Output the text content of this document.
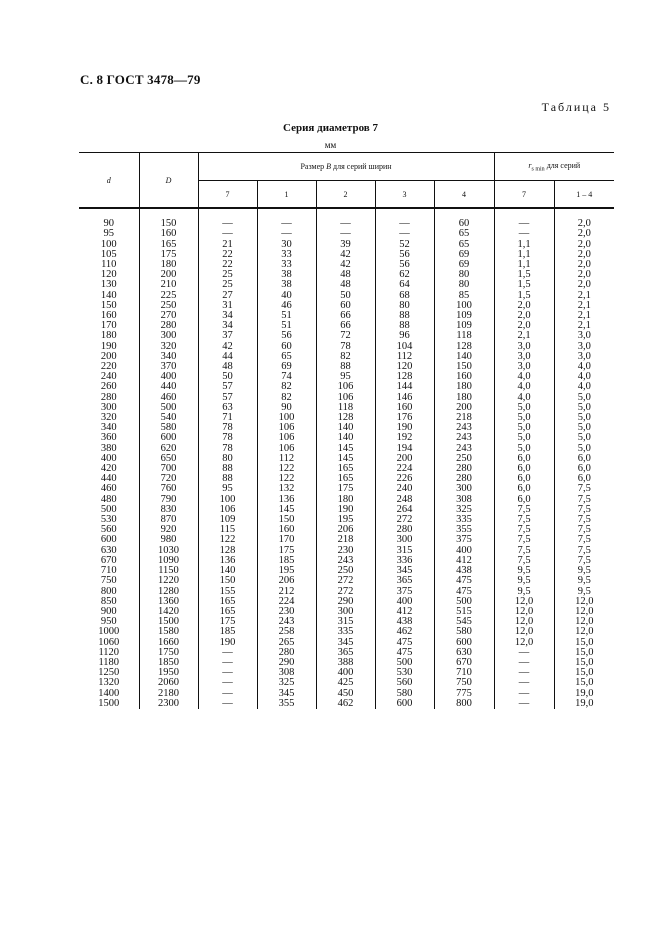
С. 8 ГОСТ 3478—79
Таблица 5
Серия диаметров 7
мм
d	D	Размер B для серий ширин					$r_{s min}$ для серий	
		7	1	2	3	4	7	1 – 4

90	150	—	—	—	—	60	—	2,0
95	160	—	—	—	—	65	—	2,0
100	165	21	30	39	52	65	1,1	2,0
105	175	22	33	42	56	69	1,1	2,0
110	180	22	33	42	56	69	1,1	2,0
120	200	25	38	48	62	80	1,5	2,0
130	210	25	38	48	64	80	1,5	2,0
140	225	27	40	50	68	85	1,5	2,1
150	250	31	46	60	80	100	2,0	2,1
160	270	34	51	66	88	109	2,0	2,1
170	280	34	51	66	88	109	2,0	2,1
180	300	37	56	72	96	118	2,1	3,0
190	320	42	60	78	104	128	3,0	3,0
200	340	44	65	82	112	140	3,0	3,0
220	370	48	69	88	120	150	3,0	4,0
240	400	50	74	95	128	160	4,0	4,0
260	440	57	82	106	144	180	4,0	4,0
280	460	57	82	106	146	180	4,0	5,0
300	500	63	90	118	160	200	5,0	5,0
320	540	71	100	128	176	218	5,0	5,0
340	580	78	106	140	190	243	5,0	5,0
360	600	78	106	140	192	243	5,0	5,0
380	620	78	106	145	194	243	5,0	5,0
400	650	80	112	145	200	250	6,0	6,0
420	700	88	122	165	224	280	6,0	6,0
440	720	88	122	165	226	280	6,0	6,0
460	760	95	132	175	240	300	6,0	7,5
480	790	100	136	180	248	308	6,0	7,5
500	830	106	145	190	264	325	7,5	7,5
530	870	109	150	195	272	335	7,5	7,5
560	920	115	160	206	280	355	7,5	7,5
600	980	122	170	218	300	375	7,5	7,5
630	1030	128	175	230	315	400	7,5	7,5
670	1090	136	185	243	336	412	7,5	7,5
710	1150	140	195	250	345	438	9,5	9,5
750	1220	150	206	272	365	475	9,5	9,5
800	1280	155	212	272	375	475	9,5	9,5
850	1360	165	224	290	400	500	12,0	12,0
900	1420	165	230	300	412	515	12,0	12,0
950	1500	175	243	315	438	545	12,0	12,0
1000	1580	185	258	335	462	580	12,0	12,0
1060	1660	190	265	345	475	600	12,0	15,0
1120	1750	—	280	365	475	630	—	15,0
1180	1850	—	290	388	500	670	—	15,0
1250	1950	—	308	400	530	710	—	15,0
1320	2060	—	325	425	560	750	—	15,0
1400	2180	—	345	450	580	775	—	19,0
1500	2300	—	355	462	600	800	—	19,0
